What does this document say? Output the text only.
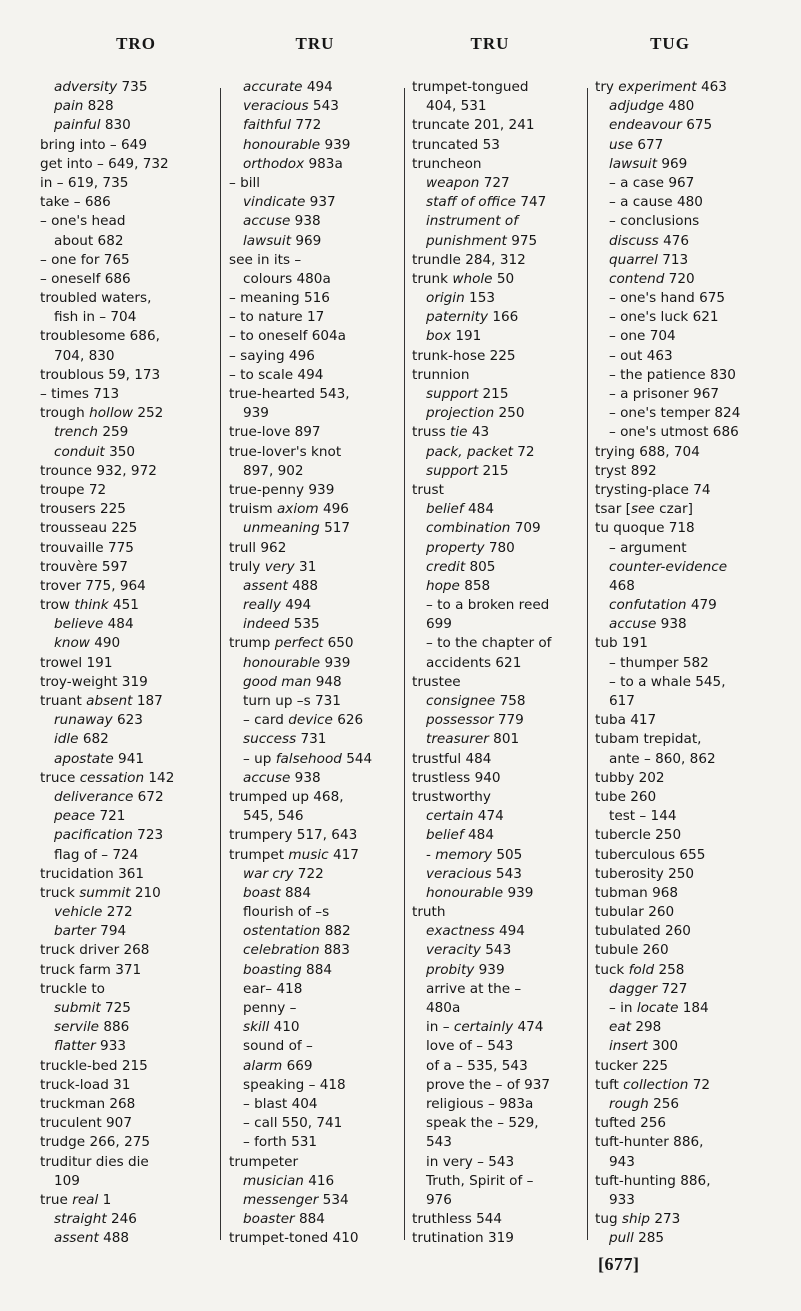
TRO	TRU	TRU	TUG
adversity 735
pain 828
painful 830
bring into – 649
get into – 649, 732
in – 619, 735
take – 686
– one's head
about 682
– one for 765
– oneself 686
troubled waters,
fish in – 704
troublesome 686,
704, 830
troublous 59, 173
– times 713
trough hollow 252
trench 259
conduit 350
trounce 932, 972
troupe 72
trousers 225
trousseau 225
trouvaille 775
trouvère 597
trover 775, 964
trow think 451
believe 484
know 490
trowel 191
troy-weight 319
truant absent 187
runaway 623
idle 682
apostate 941
truce cessation 142
deliverance 672
peace 721
pacification 723
flag of – 724
trucidation 361
truck summit 210
vehicle 272
barter 794
truck driver 268
truck farm 371
truckle to
submit 725
servile 886
flatter 933
truckle-bed 215
truck-load 31
truckman 268
truculent 907
trudge 266, 275
truditur dies die
109
true real 1
straight 246
assent 488
accurate 494
veracious 543
faithful 772
honourable 939
orthodox 983a
– bill
vindicate 937
accuse 938
lawsuit 969
see in its –
colours 480a
– meaning 516
– to nature 17
– to oneself 604a
– saying 496
– to scale 494
true-hearted 543,
939
true-love 897
true-lover's knot
897, 902
true-penny 939
truism axiom 496
unmeaning 517
trull 962
truly very 31
assent 488
really 494
indeed 535
trump perfect 650
honourable 939
good man 948
turn up –s 731
– card device 626
success 731
– up falsehood 544
accuse 938
trumped up 468,
545, 546
trumpery 517, 643
trumpet music 417
war cry 722
boast 884
flourish of –s
ostentation 882
celebration 883
boasting 884
ear– 418
penny –
skill 410
sound of –
alarm 669
speaking – 418
– blast 404
– call 550, 741
– forth 531
trumpeter
musician 416
messenger 534
boaster 884
trumpet-toned 410
trumpet-tongued
404, 531
truncate 201, 241
truncated 53
truncheon
weapon 727
staff of office 747
instrument of
punishment 975
trundle 284, 312
trunk whole 50
origin 153
paternity 166
box 191
trunk-hose 225
trunnion
support 215
projection 250
truss tie 43
pack, packet 72
support 215
trust
belief 484
combination 709
property 780
credit 805
hope 858
– to a broken reed
699
– to the chapter of
accidents 621
trustee
consignee 758
possessor 779
treasurer 801
trustful 484
trustless 940
trustworthy
certain 474
belief 484
- memory 505
veracious 543
honourable 939
truth
exactness 494
veracity 543
probity 939
arrive at the –
480a
in – certainly 474
love of – 543
of a – 535, 543
prove the – of 937
religious – 983a
speak the – 529,
543
in very – 543
Truth, Spirit of –
976
truthless 544
trutination 319
try experiment 463
adjudge 480
endeavour 675
use 677
lawsuit 969
– a case 967
– a cause 480
– conclusions
discuss 476
quarrel 713
contend 720
– one's hand 675
– one's luck 621
– one 704
– out 463
– the patience 830
– a prisoner 967
– one's temper 824
– one's utmost 686
trying 688, 704
tryst 892
trysting-place 74
tsar [see czar]
tu quoque 718
– argument
counter-evidence
468
confutation 479
accuse 938
tub 191
– thumper 582
– to a whale 545,
617
tuba 417
tubam trepidat,
ante – 860, 862
tubby 202
tube 260
test – 144
tubercle 250
tuberculous 655
tuberosity 250
tubman 968
tubular 260
tubulated 260
tubule 260
tuck fold 258
dagger 727
– in locate 184
eat 298
insert 300
tucker 225
tuft collection 72
rough 256
tufted 256
tuft-hunter 886,
943
tuft-hunting 886,
933
tug ship 273
pull 285
[677]
